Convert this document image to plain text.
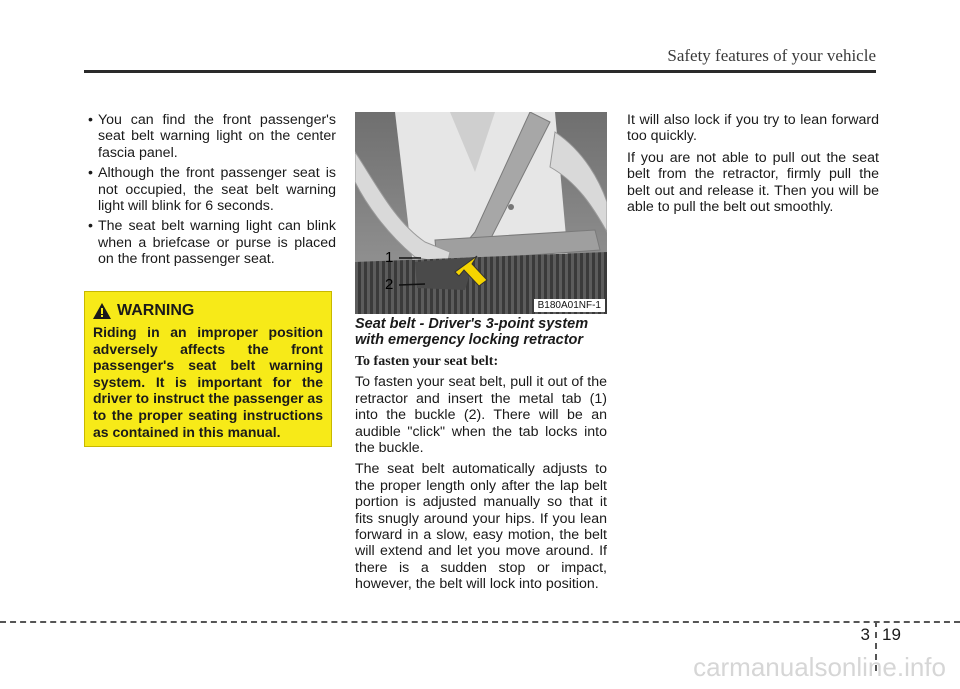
Safety features of your vehicle
• You can find the front passenger's seat belt warning light on the center fascia panel.
• Although the front passenger seat is not occupied, the seat belt warning light will blink for 6 seconds.
• The seat belt warning light can blink when a briefcase or purse is placed on the front passenger seat.
WARNING
Riding in an improper position adversely affects the front passenger's seat belt warning system. It is important for the driver to instruct the passenger as to the proper seating instructions as contained in this manual.
1
2
B180A01NF-1
Seat belt - Driver's 3-point system with emergency locking retractor
To fasten your seat belt:

To fasten your seat belt, pull it out of the retractor and insert the metal tab (1) into the buckle (2). There will be an audible "click" when the tab locks into the buckle.

The seat belt automatically adjusts to the proper length only after the lap belt portion is adjusted manually so that it fits snugly around your hips. If you lean forward in a slow, easy motion, the belt will extend and let you move around. If there is a sudden stop or impact, however, the belt will lock into position.

It will also lock if you try to lean forward too quickly.

If you are not able to pull out the seat belt from the retractor, firmly pull the belt out and release it. Then you will be able to pull the belt out smoothly.

3 19
carmanualsonline.info
